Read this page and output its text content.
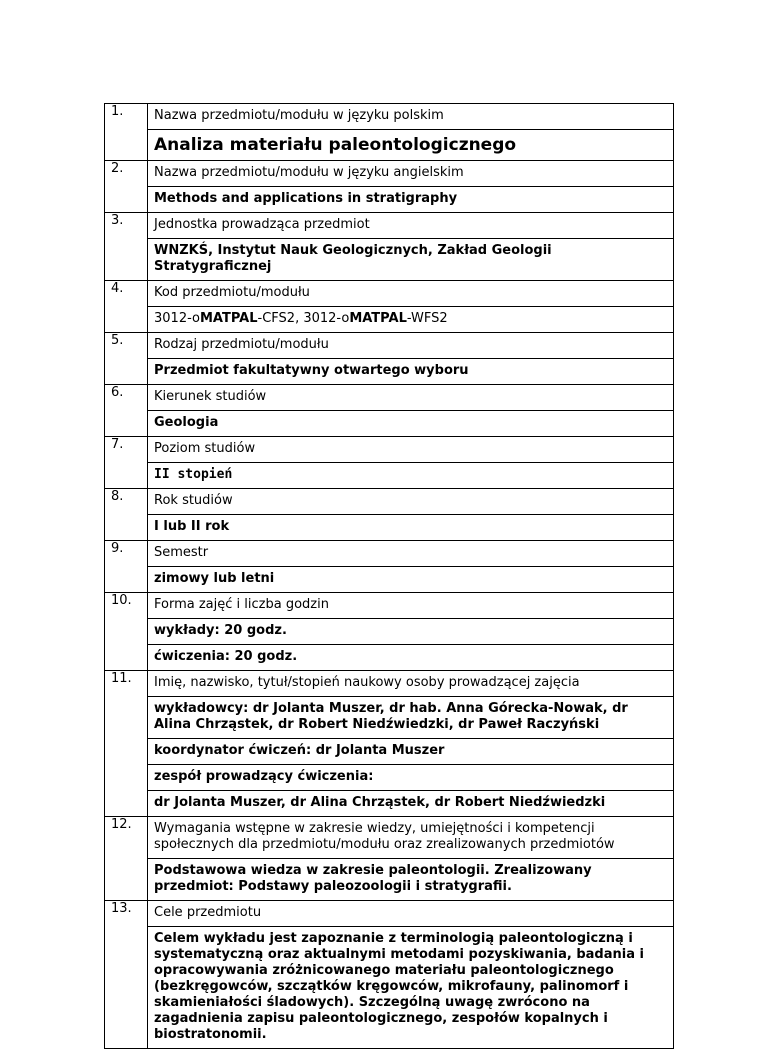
1.	Nazwa przedmiotu/modułu w języku polskim
Analiza materiału paleontologicznego

2.	Nazwa przedmiotu/modułu w języku angielskim
Methods and applications in stratigraphy

3.	Jednostka prowadząca przedmiot
WNZKŚ, Instytut Nauk Geologicznych, Zakład Geologii Stratygraficznej

4.	Kod przedmiotu/modułu
3012-oMATPAL-CFS2, 3012-oMATPAL-WFS2

5.	Rodzaj przedmiotu/modułu
Przedmiot fakultatywny otwartego wyboru

6.	Kierunek studiów
Geologia

7.	Poziom studiów
II stopień

8.	Rok studiów
I lub II rok

9.	Semestr
zimowy lub letni

10.	Forma zajęć i liczba godzin
wykłady: 20 godz.
ćwiczenia: 20 godz.

11.	Imię, nazwisko, tytuł/stopień naukowy osoby prowadzącej zajęcia
wykładowcy: dr Jolanta Muszer, dr hab. Anna Górecka-Nowak, dr Alina Chrząstek, dr Robert Niedźwiedzki, dr Paweł Raczyński
koordynator ćwiczeń: dr Jolanta Muszer
zespół prowadzący ćwiczenia:
dr Jolanta Muszer, dr Alina Chrząstek, dr Robert Niedźwiedzki

12.	Wymagania wstępne w zakresie wiedzy, umiejętności i kompetencji społecznych dla przedmiotu/modułu oraz zrealizowanych przedmiotów
Podstawowa wiedza w zakresie paleontologii. Zrealizowany przedmiot: Podstawy paleozoologii i stratygrafii.

13.	Cele przedmiotu
Celem wykładu jest zapoznanie z terminologią paleontologiczną i systematyczną oraz aktualnymi metodami pozyskiwania, badania i opracowywania zróżnicowanego materiału paleontologicznego (bezkręgowców, szczątków kręgowców, mikrofauny, palinomorf i skamieniałości śladowych). Szczególną uwagę zwrócono na zagadnienia zapisu paleontologicznego, zespołów kopalnych i biostratonomii.
